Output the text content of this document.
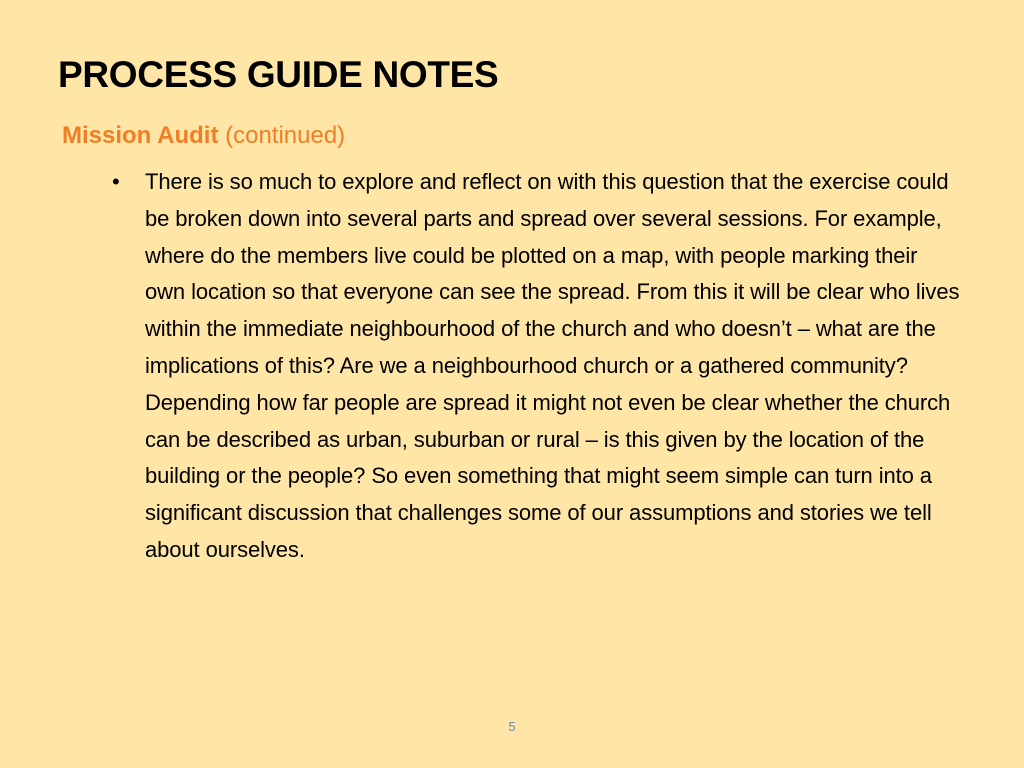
PROCESS GUIDE NOTES

Mission Audit (continued)

• There is so much to explore and reflect on with this question that the exercise could be broken down into several parts and spread over several sessions. For example, where do the members live could be plotted on a map, with people marking their own location so that everyone can see the spread. From this it will be clear who lives within the immediate neighbourhood of the church and who doesn’t – what are the implications of this? Are we a neighbourhood church or a gathered community? Depending how far people are spread it might not even be clear whether the church can be described as urban, suburban or rural – is this given by the location of the building or the people? So even something that might seem simple can turn into a significant discussion that challenges some of our assumptions and stories we tell about ourselves.
5
